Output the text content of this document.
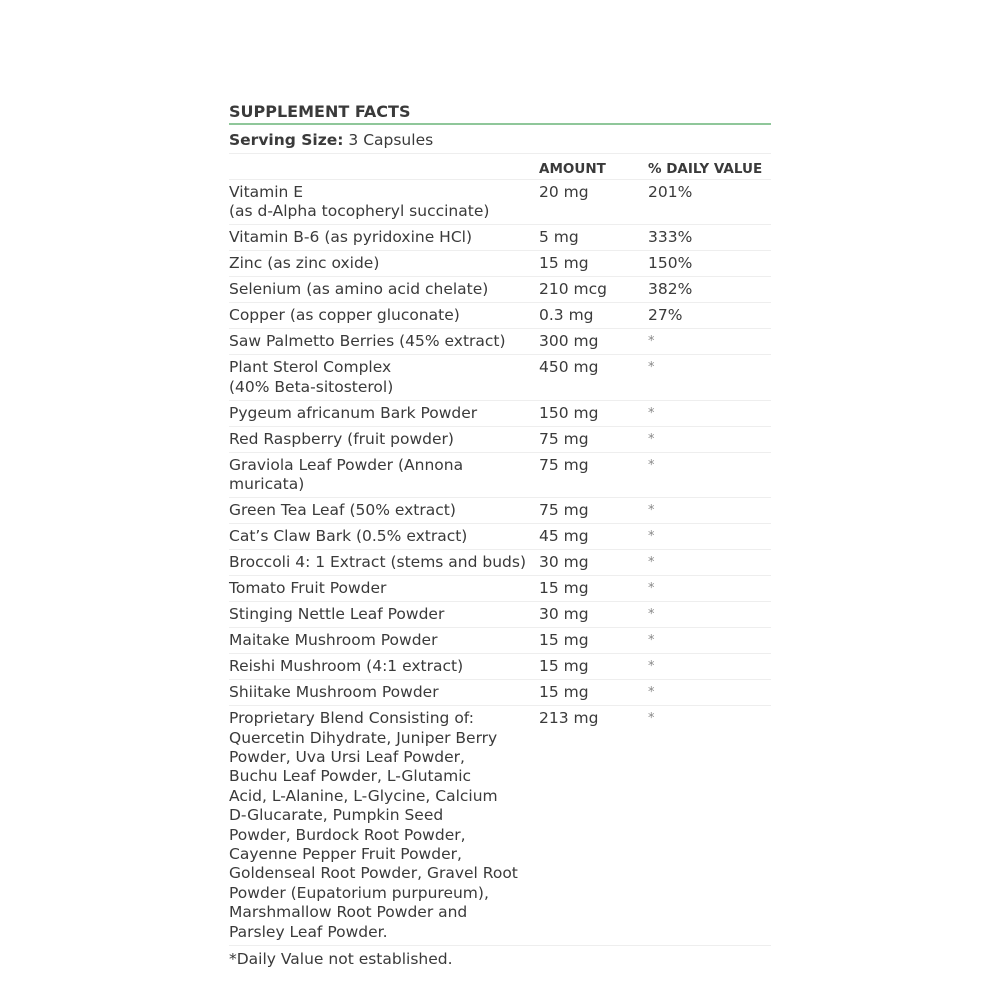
SUPPLEMENT FACTS
Serving Size: 3 Capsules
AMOUNT	% DAILY VALUE
Vitamin E
(as d-Alpha tocopheryl succinate)
20 mg	201%
Vitamin B-6 (as pyridoxine HCl)	5 mg	333%
Zinc (as zinc oxide)	15 mg	150%
Selenium (as amino acid chelate)	210 mcg	382%
Copper (as copper gluconate)	0.3 mg	27%
Saw Palmetto Berries (45% extract)	300 mg	*
Plant Sterol Complex
(40% Beta-sitosterol)
450 mg	*
Pygeum africanum Bark Powder	150 mg	*
Red Raspberry (fruit powder)	75 mg	*
Graviola Leaf Powder (Annona
muricata)
75 mg	*
Green Tea Leaf (50% extract)	75 mg	*
Cat’s Claw Bark (0.5% extract)	45 mg	*
Broccoli 4: 1 Extract (stems and buds) 30 mg	*
Tomato Fruit Powder	15 mg	*
Stinging Nettle Leaf Powder	30 mg	*
Maitake Mushroom Powder	15 mg	*
Reishi Mushroom (4:1 extract)	15 mg	*
Shiitake Mushroom Powder	15 mg	*
Proprietary Blend Consisting of:
Quercetin Dihydrate, Juniper Berry
Powder, Uva Ursi Leaf Powder,
Buchu Leaf Powder, L-Glutamic
Acid, L-Alanine, L-Glycine, Calcium
D-Glucarate, Pumpkin Seed
Powder, Burdock Root Powder,
Cayenne Pepper Fruit Powder,
Goldenseal Root Powder, Gravel Root
Powder (Eupatorium purpureum),
Marshmallow Root Powder and
Parsley Leaf Powder.
213 mg	*
*Daily Value not established.
